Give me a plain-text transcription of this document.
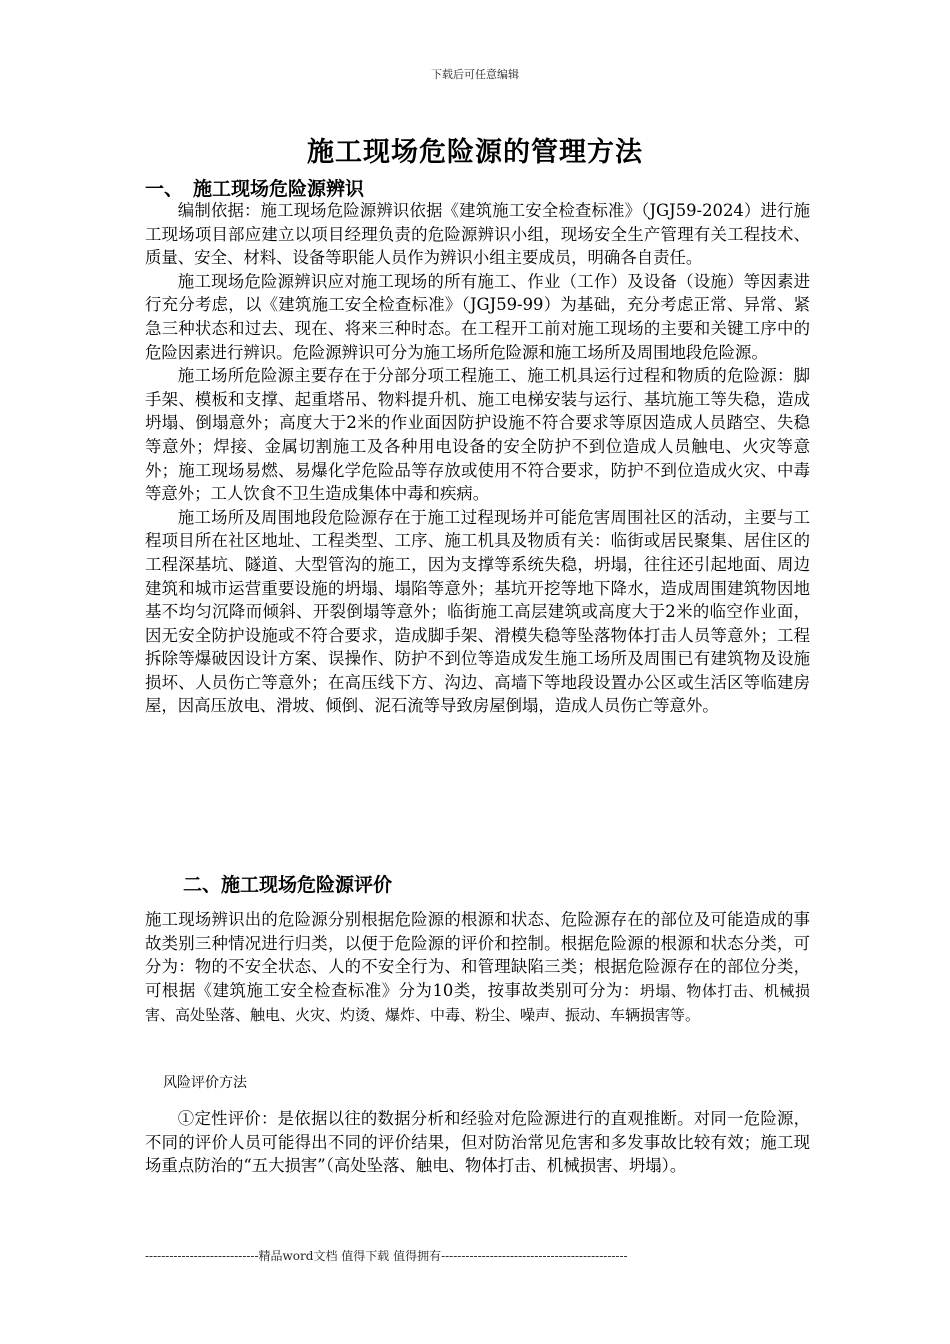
下载后可任意编辑
施工现场危险源的管理方法
一、 施工现场危险源辨识

编制依据：施工现场危险源辨识依据《建筑施工安全检查标准》（JGJ59-2024）进行施工现场项目部应建立以项目经理负责的危险源辨识小组，现场安全生产管理有关工程技术、质量、安全、材料、设备等职能人员作为辨识小组主要成员，明确各自责任。

施工现场危险源辨识应对施工现场的所有施工、作业（工作）及设备（设施）等因素进行充分考虑，以《建筑施工安全检查标准》（JGJ59-99）为基础，充分考虑正常、异常、紧急三种状态和过去、现在、将来三种时态。在工程开工前对施工现场的主要和关键工序中的危险因素进行辨识。危险源辨识可分为施工场所危险源和施工场所及周围地段危险源。

施工场所危险源主要存在于分部分项工程施工、施工机具运行过程和物质的危险源：脚手架、模板和支撑、起重塔吊、物料提升机、施工电梯安装与运行、基坑施工等失稳，造成坍塌、倒塌意外；高度大于2米的作业面因防护设施不符合要求等原因造成人员踏空、失稳等意外；焊接、金属切割施工及各种用电设备的安全防护不到位造成人员触电、火灾等意外；施工现场易燃、易爆化学危险品等存放或使用不符合要求，防护不到位造成火灾、中毒等意外；工人饮食不卫生造成集体中毒和疾病。

施工场所及周围地段危险源存在于施工过程现场并可能危害周围社区的活动，主要与工程项目所在社区地址、工程类型、工序、施工机具及物质有关：临街或居民聚集、居住区的工程深基坑、隧道、大型管沟的施工，因为支撑等系统失稳，坍塌，往往还引起地面、周边建筑和城市运营重要设施的坍塌、塌陷等意外；基坑开挖等地下降水，造成周围建筑物因地基不均匀沉降而倾斜、开裂倒塌等意外；临街施工高层建筑或高度大于2米的临空作业面，因无安全防护设施或不符合要求，造成脚手架、滑模失稳等坠落物体打击人员等意外；工程拆除等爆破因设计方案、误操作、防护不到位等造成发生施工场所及周围已有建筑物及设施损坏、人员伤亡等意外；在高压线下方、沟边、高墙下等地段设置办公区或生活区等临建房屋，因高压放电、滑坡、倾倒、泥石流等导致房屋倒塌，造成人员伤亡等意外。

二、施工现场危险源评价

施工现场辨识出的危险源分别根据危险源的根源和状态、危险源存在的部位及可能造成的事故类别三种情况进行归类，以便于危险源的评价和控制。根据危险源的根源和状态分类，可分为：物的不安全状态、人的不安全行为、和管理缺陷三类；根据危险源存在的部位分类，可根据《建筑施工安全检查标准》分为10类，按事故类别可分为：坍塌、物体打击、机械损害、高处坠落、触电、火灾、灼烫、爆炸、中毒、粉尘、噪声、振动、车辆损害等。

风险评价方法

①定性评价：是依据以往的数据分析和经验对危险源进行的直观推断。对同一危险源，不同的评价人员可能得出不同的评价结果，但对防治常见危害和多发事故比较有效；施工现场重点防治的“五大损害”（高处坠落、触电、物体打击、机械损害、坍塌）。

----------------------------精品word文档 值得下载 值得拥有----------------------------------------------
